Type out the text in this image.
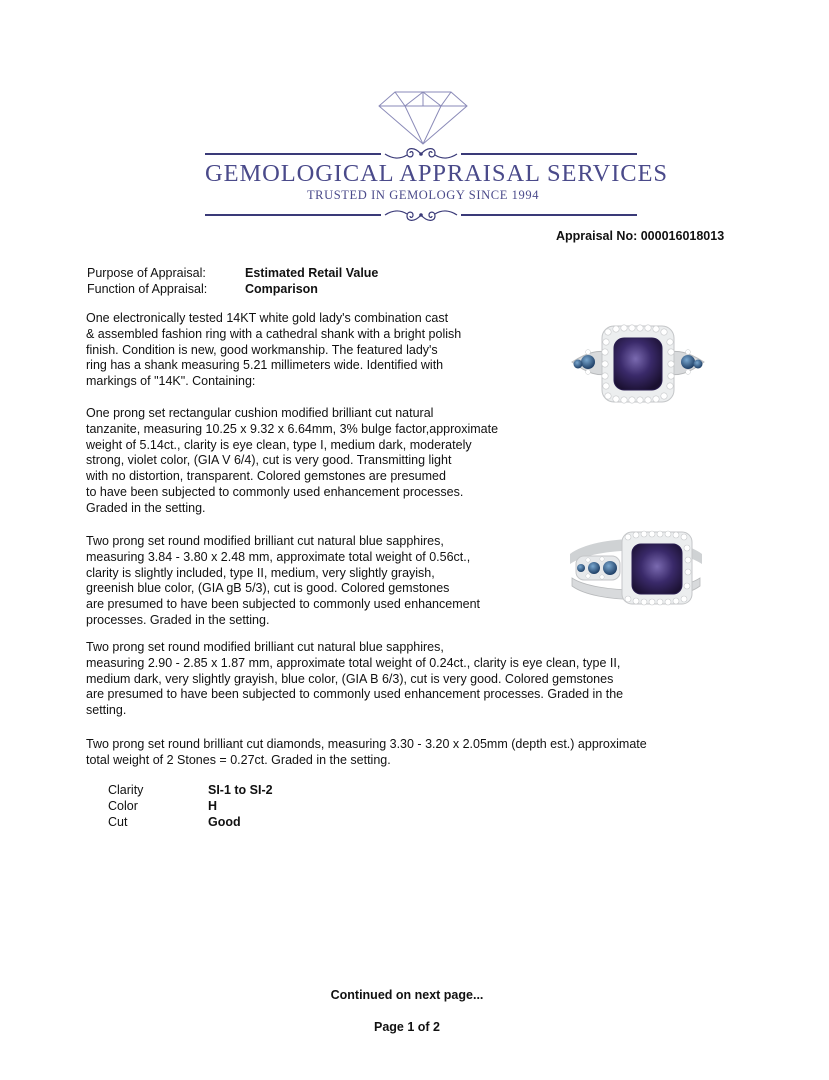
GEMOLOGICAL APPRAISAL SERVICES
TRUSTED IN GEMOLOGY SINCE 1994
Appraisal No: 000016018013
Purpose of Appraisal:	Estimated Retail Value
Function of Appraisal:	Comparison

One electronically tested 14KT white gold lady's combination cast
& assembled fashion ring with a cathedral shank with a bright polish
finish. Condition is new, good workmanship. The featured lady's
ring has a shank measuring 5.21 millimeters wide. Identified with
markings of "14K". Containing:

One prong set rectangular cushion modified brilliant cut natural
tanzanite, measuring 10.25 x 9.32 x 6.64mm, 3% bulge factor,approximate
weight of 5.14ct., clarity is eye clean, type I, medium dark, moderately
strong, violet color, (GIA V 6/4), cut is very good. Transmitting light
with no distortion, transparent. Colored gemstones are presumed
to have been subjected to commonly used enhancement processes.
Graded in the setting.

Two prong set round modified brilliant cut natural blue sapphires,
measuring 3.84 - 3.80 x 2.48 mm, approximate total weight of 0.56ct.,
clarity is slightly included, type II, medium, very slightly grayish,
greenish blue color, (GIA gB 5/3), cut is good. Colored gemstones
are presumed to have been subjected to commonly used enhancement
processes. Graded in the setting.

Two prong set round modified brilliant cut natural blue sapphires,
measuring 2.90 - 2.85 x 1.87 mm, approximate total weight of 0.24ct., clarity is eye clean, type II,
medium dark, very slightly grayish, blue color, (GIA B 6/3), cut is very good. Colored gemstones
are presumed to have been subjected to commonly used enhancement processes. Graded in the
setting.

Two prong set round brilliant cut diamonds, measuring 3.30 - 3.20 x 2.05mm (depth est.) approximate
total weight of 2 Stones = 0.27ct. Graded in the setting.

Clarity	SI-1 to SI-2
Color	H
Cut	Good
Continued on next page...
Page 1 of 2
